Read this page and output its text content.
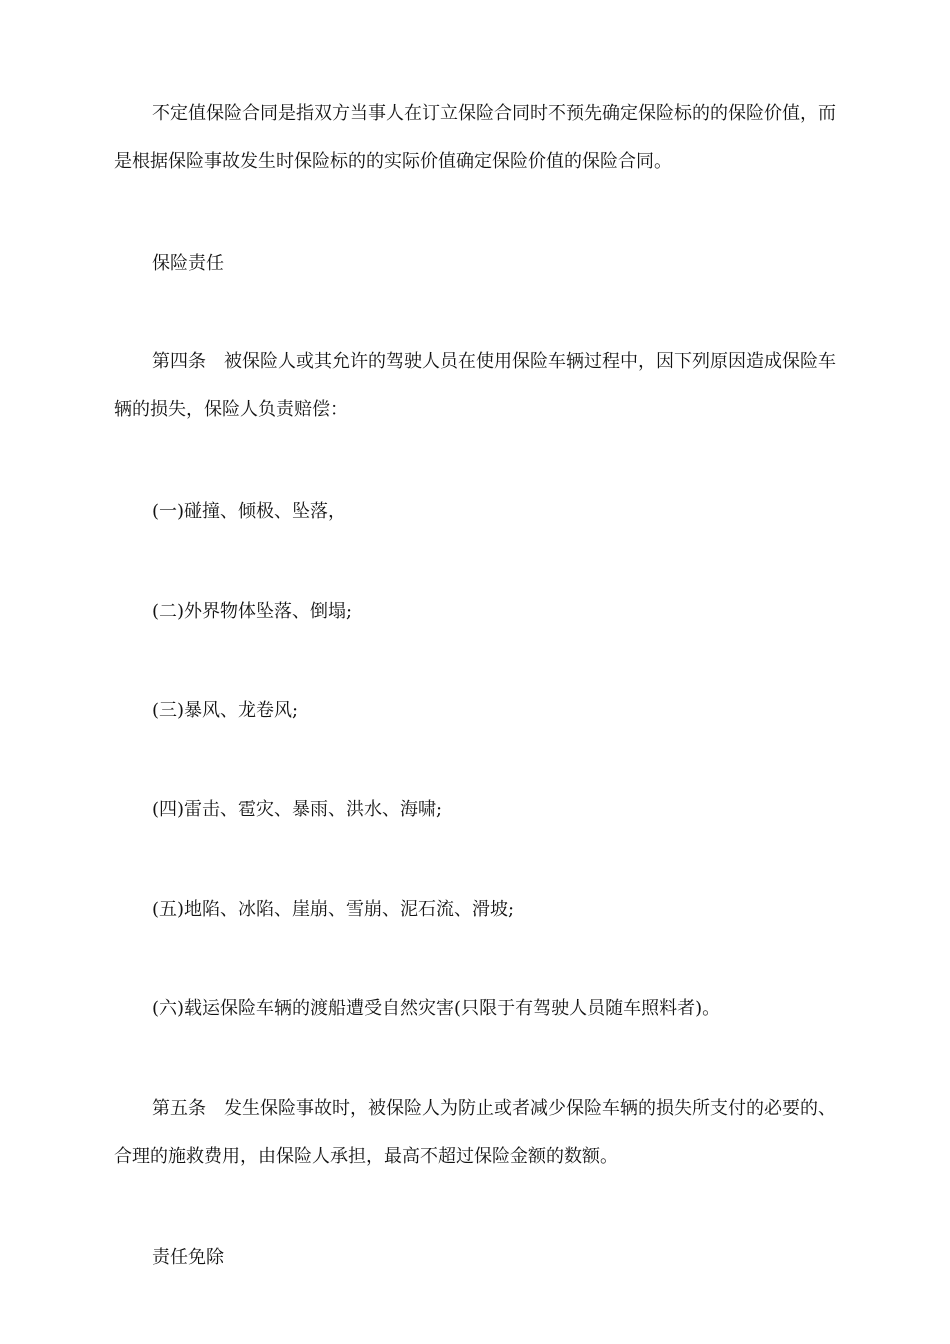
不定值保险合同是指双方当事人在订立保险合同时不预先确定保险标的的保险价值，而是根据保险事故发生时保险标的的实际价值确定保险价值的保险合同。

保险责任

第四条 被保险人或其允许的驾驶人员在使用保险车辆过程中，因下列原因造成保险车辆的损失，保险人负责赔偿：

(一)碰撞、倾极、坠落，

(二)外界物体坠落、倒塌;

(三)暴风、龙卷风;

(四)雷击、雹灾、暴雨、洪水、海啸;

(五)地陷、冰陷、崖崩、雪崩、泥石流、滑坡;

(六)载运保险车辆的渡船遭受自然灾害(只限于有驾驶人员随车照料者)。

第五条 发生保险事故时，被保险人为防止或者减少保险车辆的损失所支付的必要的、合理的施救费用，由保险人承担，最高不超过保险金额的数额。

责任免除
